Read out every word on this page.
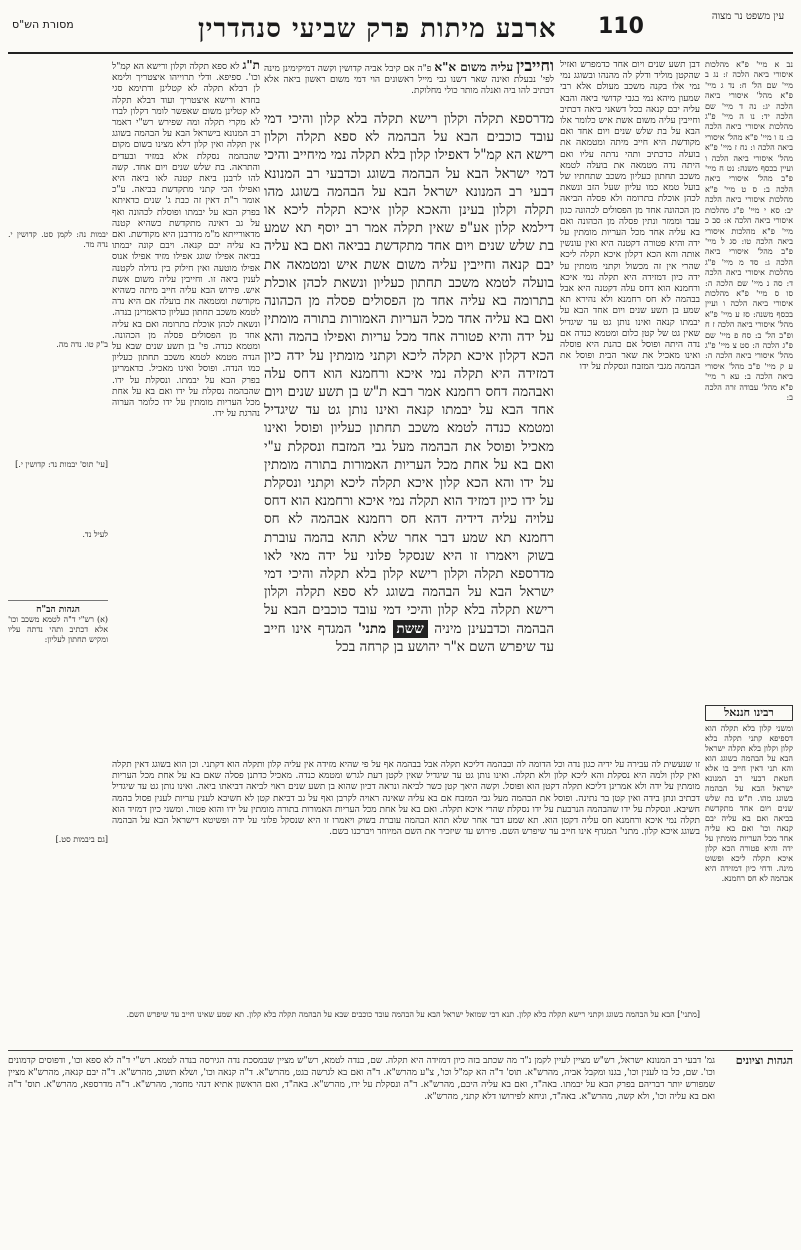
מסורת הש"ס	ארבע מיתות פרק שביעי סנהדרין 110	עין משפט נר מצוה

נב א מיי' פ"א מהלכות איסורי ביאה הלכה ז: נג ב מיי' שם הל' ח: נד ג מיי' פ"א מהל' איסורי ביאה הלכה יג: נה ד מיי' שם הלכה יד: נו ה מיי' פ"ג מהלכות איסורי ביאה הלכה ב: נז ו מיי' פ"א מהל' איסורי ביאה הלכה ו: נח ז מיי' פ"א מהל' איסורי ביאה הלכה ו ועיין בכסף משנה: נט ח מיי' פ"ב מהל' איסורי ביאה הלכה ב: ס ט מיי' פ"א מהלכות איסורי ביאה הלכה יב: סא י מיי' פ"ג מהלכות איסורי ביאה הלכה א: סב כ מיי' פ"א מהלכות איסורי ביאה הלכה טו: סג ל מיי' פ"ב מהל' איסורי ביאה הלכה ג: סד מ מיי' פ"ג מהלכות איסורי ביאה הלכה ד: סה נ מיי' שם הלכה ה: סו ס מיי' פ"א מהלכות איסורי ביאה הלכה ו ועיין בכסף משנה: סז ע מיי' פ"א מהל' איסורי ביאה הלכה ז ח ופ"ב הל' ב: סח פ מיי' שם פ"ג הלכה ה: סט צ מיי' פ"ג מהל' איסורי ביאה הלכה ה: ע ק מיי' פ"ב מהל' איסורי ביאה הלכה ב: עא ר מיי' פ"א מהל' עבודה זרה הלכה ב:

דבן תשע שנים ויום אחד כדמפרש ואזיל שהקטן מוליד ודלק לה מהנהו ובשוגג נמי נמי אלו בקנה משכב מעולם אלא רבי שמעון מיהא נמי בגבי קדושי ביאה והבא עליה יבם קנאה ככל דשאני ביאה דכתיב וחייבין עליה משום אשת איש כלומר אלו הבא על בת שלש שנים ויום אחד ואם מקודשת היא חייב מיתה ומטמאה את בועלה כדכתיב ותהי נדתה עליו ואם היתה נדה מטמאה את בועלה לטמא משכב תחתון כעליון משכב שתחתיו של בועל טמא כמו עליון שעל הזב ונשאת לכהן אוכלת בתרומה ולא פסלה הביאה מן הכהונה אחד מן הפסולים לכהונה כגון עבד וממזר ונתין פסלה מן הכהונה ואם בא עליה אחד מכל העריות מומתין על ידה והיא פטורה דקטנה היא ואין עונשין אותה והא הכא דקלון איכא תקלה ליכא שהרי אין זה מכשול וקתני מומתין על ידה כיון דמזידה היא תקלה נמי איכא ורחמנא הוא דחס עלה דקטנה היא אבל בבהמה לא חס רחמנא ולא נהירא תא שמע בן תשע שנים ויום אחד הבא על יבמתו קנאה ואינו נותן גט עד שיגדיל שאין גט של קטן כלום ומטמא כנדה אם נדה היתה ופוסל אם כהנת היא פוסלה ואינו מאכיל את שאר הבית ופוסל את הבהמה מגבי המזבח ונסקלת על ידו

וחייבין עליה משום א"א פ"ה אם קיבל אביה קדושין וקשה דמיקימינן מינה לפי' נבעלת ואינה שאר דשנו גבי מייל ראשונים הוי דמי משום ראשון ביאה אלא דכתיב להו ביה ואנלה מותר כולי מחלוקת.

מדרספא תקלה וקלון רישא תקלה בלא קלון והיכי דמי עובד כוכבים הבא על הבהמה לא ספא תקלה וקלון רישא הא קמ"ל דאפילו קלון בלא תקלה נמי מיחייב והיכי דמי ישראל הבא על הבהמה בשוגג וכדבעי רב המנונא דבעי רב המנונא ישראל הבא על הבהמה בשוגג מהו תקלה וקלון בעינן והאכא קלון איכא תקלה ליכא או דילמא קלון אע"פ שאין תקלה אמר רב יוסף תא שמע בת שלש שנים ויום אחד מתקדשת בביאה ואם בא עליה יבם קנאה וחייבין עליה משום אשת איש ומטמאה את בועלה לטמא משכב תחתון כעליון ונשאת לכהן אוכלת בתרומה בא עליה אחד מן הפסולים פסלה מן הכהונה ואם בא עליה אחד מכל העריות האמורות בתורה מומתין על ידה והיא פטורה אחד מכל עריות ואפילו בהמה והא הכא דקלון איכא תקלה ליכא וקתני מומתין על ידה כיון דמזידה היא תקלה נמי איכא ורחמנא הוא דחס עלה ואבהמה דחס רחמנא אמר רבא ת"ש בן תשע שנים ויום אחד הבא על יבמתו קנאה ואינו נותן גט עד שיגדיל ומטמא כנדה לטמא משכב תחתון כעליון ופוסל ואינו מאכיל ופוסל את הבהמה מעל גבי המזבח ונסקלת ע"י ואם בא על אחת מכל העריות האמורות בתורה מומתין על ידו והא הכא קלון איכא תקלה ליכא וקתני ונסקלת על ידו כיון דמזיד הוא תקלה נמי איכא ורחמנא הוא דחס עלויה עליה דידיה דהא חס רחמנא אבהמה לא חס רחמנא תא שמע דבר אחר שלא תהא בהמה עוברת בשוק ויאמרו זו היא שנסקל פלוני על ידה מאי לאו מדרספא תקלה וקלון רישא קלון בלא תקלה והיכי דמי ישראל הבא על הבהמה בשוגג לא ספא תקלה וקלון רישא תקלה בלא קלון והיכי דמי עובד כוכבים הבא על הבהמה וכדבעינן מיניה ששת מתני' המגדף אינו חייב עד שיפרש השם א"ר יהושע בן קרחה בכל

ת"ג לא ספא תקלה וקלון ורישא הא קמ"ל וכו'. ספיפא. ודלי תרוייהו איצטריך ולימא לן דבלא תקלה לא קטלינן ודתימא סגי בחדא ורישא איצטריך ועוד דבלא תקלה לא קטלינן משום שאפשר לומר דקלון לבדו לא מקרי תקלה ומה שפירש רש"י דאמר רב המנונא בישראל הבא על הבהמה בשוגג אין תקלה ואין קלון דלא מצינו בשום מקום שהבהמה נסקלת אלא במזיד ובעדים והתראה. בת שלש שנים ויום אחד. קשה להו לרבנן ביאת קטנה לאו ביאה היא ואפילו הכי קתני מתקדשת בביאה. ע"כ אומר ר"ת דאין זה כבת ג' שנים כדאיתא בפרק הבא על יבמתו ופוסלת לכהונה ואף על גב דאינה מתקדשת כשהיא קטנה מדאורייתא מ"מ מדרבנן היא מקודשת. ואם בא עליה יבם קנאה. ויבם קונה יבמתו בביאה אפילו שוגג אפילו מזיד אפילו אנוס אפילו מוטעה ואין חילוק בין גדולה לקטנה לענין ביאה זו. וחייבין עליה משום אשת איש. פירוש הבא עליה חייב מיתה כשהיא מקודשת ומטמאה את בועלה אם היא נדה לטמא משכב תחתון כעליון כדאמרינן בנדה. ונשאת לכהן אוכלת בתרומה ואם בא עליה אחד מן הפסולים פסלה מן הכהונה. ומטמא כנדה. פי' בן תשע שנים שבא על הנדה מטמא לטמא משכב תחתון כעליון כמו הנדה. ופוסל ואינו מאכיל. כדאמרינן בפרק הבא על יבמתו. ונסקלת על ידו. שהבהמה נסקלת על ידו ואם בא על אחת מכל העריות מומתין על ידו כלומר הערוה נהרגת על ידו.

יבמות נה: לקמן סט. קדושין י. נדה מד.

ב"ק טו. נדה מה.

[עי' תוס' יבמות נד: קדושין י.]

לעיל נד.

הגהות הב"ח

(א) רש"י ד"ה לטמא משכב וכו' אלא דכתיב ותהי נדתה עליו ומקיש תחתון לעליון:

[גם ביבמות סט.]

רבינו חננאל

ומשני קלון בלא תקלה הוא דספיפא קתני תקלה בלא קלון וקלון בלא תקלה ישראל הבא על הבהמה בשוגג הוא והא תני דאין חייב בו אלא חטאת דבעי רב המנונא ישראל הבא על הבהמה בשוגג מהו. ת"ש בת שלש שנים ויום אחד מתקדשת בביאה ואם בא עליה יבם קנאה וכו' ואם בא עליה אחד מכל העריות מומתין על ידה והיא פטורה הכא קלון איכא תקלה ליכא ופשוט מינה. ודחי כיון דמזידה היא אבהמה לא חס רחמנא.

זו שנעשית לה עבירה על ידיה כגון נדה וכל הדומה לה ובבהמה דליכא תקלה אבל בבהמה אף על פי שהיא מזידה אין עליה קלון ותקלה הוא דקתני. וכן הוא בשוגג דאין תקלה ואין קלון ולמה היא נסקלת והא ליכא קלון ולא תקלה. ואינו נותן גט עד שיגדיל שאין לקטן דעת לגרש ומטמא כנדה. מאכיל כדתנן פסלה שאם בא על אחת מכל העריות מומתין על ידה ולא אמרינן דליכא תקלה דקטן הוא ופוסל. וקשה היאך קטן כשר לביאה ונראה דכיון שהוא בן תשע שנים ראוי לביאה דביאתו ביאה. ואינו נותן גט עד שיגדיל דכתיב ונתן בידה ואין קטן בר נתינה. ופוסל את הבהמה מעל גבי המזבח אם בא עליה שאינה ראויה לקרבן ואף על גב דביאת קטן לא חשיבא לענין עריות לענין פסול בהמה חשיבא. ונסקלת על ידו שהבהמה הנרבעת על ידו נסקלת שהרי איכא תקלה. ואם בא על אחת מכל העריות האמורות בתורה מומתין על ידו והוא פטור. ומשני כיון דמזיד הוא תקלה נמי איכא ורחמנא חס עליה דקטן הוא. תא שמע דבר אחר שלא תהא הבהמה עוברת בשוק ויאמרו זו היא שנסקל פלוני על ידה ופשיטא דישראל הבא על הבהמה בשוגג איכא קלון. מתני' המגדף אינו חייב עד שיפרש השם. פירוש עד שיזכיר את השם המיוחד ויברכנו בשם.

[מתני'] הבא על הבהמה בשוגג וקתני רישא תקלה בלא קלון. תנא דבי שמואל ישראל הבא על הבהמה עובד כוכבים שבא על הבהמה תקלה בלא קלון. תא שמע שאינו חייב עד שיפרש השם.

הגהות וציונים
גמ' דבעי רב המנונא ישראל, רש"ש מציין לעיין לקמן נ"ד מה שכתב בזה כיון דמזידה היא תקלה. שם, בנדה לטמא, רש"ש מציין שבמסכת נדה הגירסה בנדה לטמא. רש"י ד"ה לא ספא וכו', ודפוסים קדמונים וכו'. שם, כל בו לענין וכו', בגנו ומקבל אביה, מהרש"א. תוס' ד"ה הא קמ"ל וכו', צ"ע מהרש"א. ד"ה ואם בא לגרשה בגט, מהרש"א. ד"ה קנאה וכו', ושלא תשוב, מהרש"א. ד"ה יבם קנאה, מהרש"א מציין שמפורש יותר דבריהם בפרק הבא על יבמתו. באה"ד, ואם בא עליה היבם, מהרש"א. ד"ה ונסקלת על ידו, מהרש"א. באה"ד, ואם הראשון אתיא דנהי מחמר, מהרש"א. ד"ה מדרספא, מהרש"א. תוס' ד"ה ואם בא עליה וכו', ולא קשה, מהרש"א. באה"ד, וניחא לפירושו דלא קתני, מהרש"א.
